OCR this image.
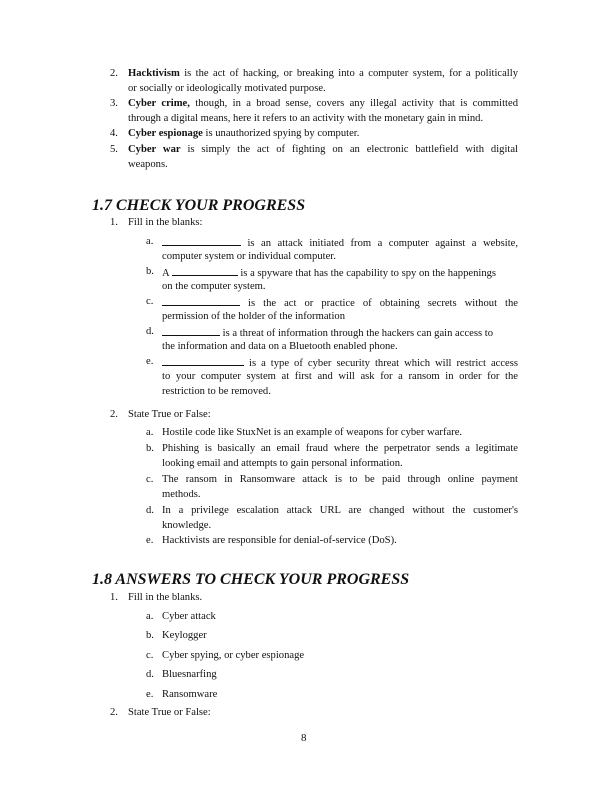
2. Hacktivism is the act of hacking, or breaking into a computer system, for a politically
or socially or ideologically motivated purpose.
3. Cyber crime, though, in a broad sense, covers any illegal activity that is committed
through a digital means, here it refers to an activity with the monetary gain in mind.
4. Cyber espionage is unauthorized spying by computer.
5. Cyber war is simply the act of fighting on an electronic battlefield with digital
weapons.
1.7 CHECK YOUR PROGRESS
1. Fill in the blanks:
a.	is an attack initiated from a computer against a website,
computer system or individual computer.
b. A	is a spyware that has the capability to spy on the happenings
on the computer system.
c.	is the act or practice of obtaining secrets without the
permission of the holder of the information
d.	is a threat of information through the hackers can gain access to
the information and data on a Bluetooth enabled phone.
e.	is a type of cyber security threat which will restrict access
to your computer system at first and will ask for a ransom in order for the
restriction to be removed.
2. State True or False:
a. Hostile code like StuxNet is an example of weapons for cyber warfare.
b. Phishing is basically an email fraud where the perpetrator sends a legitimate
looking email and attempts to gain personal information.
c. The ransom in Ransomware attack is to be paid through online payment
methods.
d. In a privilege escalation attack URL are changed without the customer's
knowledge.
e. Hacktivists are responsible for denial-of-service (DoS).
1.8 ANSWERS TO CHECK YOUR PROGRESS
1. Fill in the blanks.
a. Cyber attack
b. Keylogger
c. Cyber spying, or cyber espionage
d. Bluesnarfing
e. Ransomware
2. State True or False:
8
